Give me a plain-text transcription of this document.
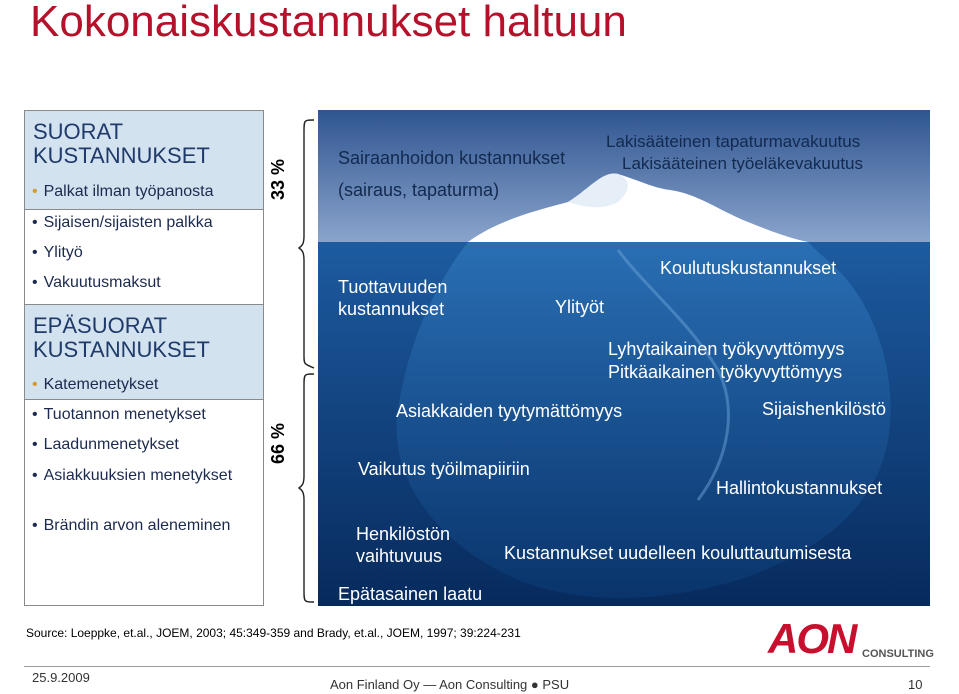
Kokonaiskustannukset haltuun
SUORAT
KUSTANNUKSET
• Palkat ilman työpanosta
• Sijaisen/sijaisten palkka
• Ylityö
• Vakuutusmaksut
EPÄSUORAT
KUSTANNUKSET
• Katemenetykset
• Tuotannon menetykset
• Laadunmenetykset
• Asiakkuuksien menetykset
• Brändin arvon aleneminen
33 %
66 %
Sairaanhoidon kustannukset
(sairaus, tapaturma)
Lakisääteinen tapaturmavakuutus
Lakisääteinen työeläkevakuutus
Tuottavuuden
kustannukset	Ylityöt
Koulutuskustannukset
Lyhytaikainen työkyvyttömyys
Pitkäaikainen työkyvyttömyys
Asiakkaiden tyytymättömyys	Sijaishenkilöstö
Vaikutus työilmapiiriin
Hallintokustannukset
Henkilöstön
vaihtuvuus	Kustannukset uudelleen kouluttautumisesta
Epätasainen laatu
Source: Loeppke, et.al., JOEM, 2003; 45:349-359 and Brady, et.al., JOEM, 1997; 39:224-231	AON CONSULTING
25.9.2009	Aon Finland Oy ― Aon Consulting ● PSU	10
